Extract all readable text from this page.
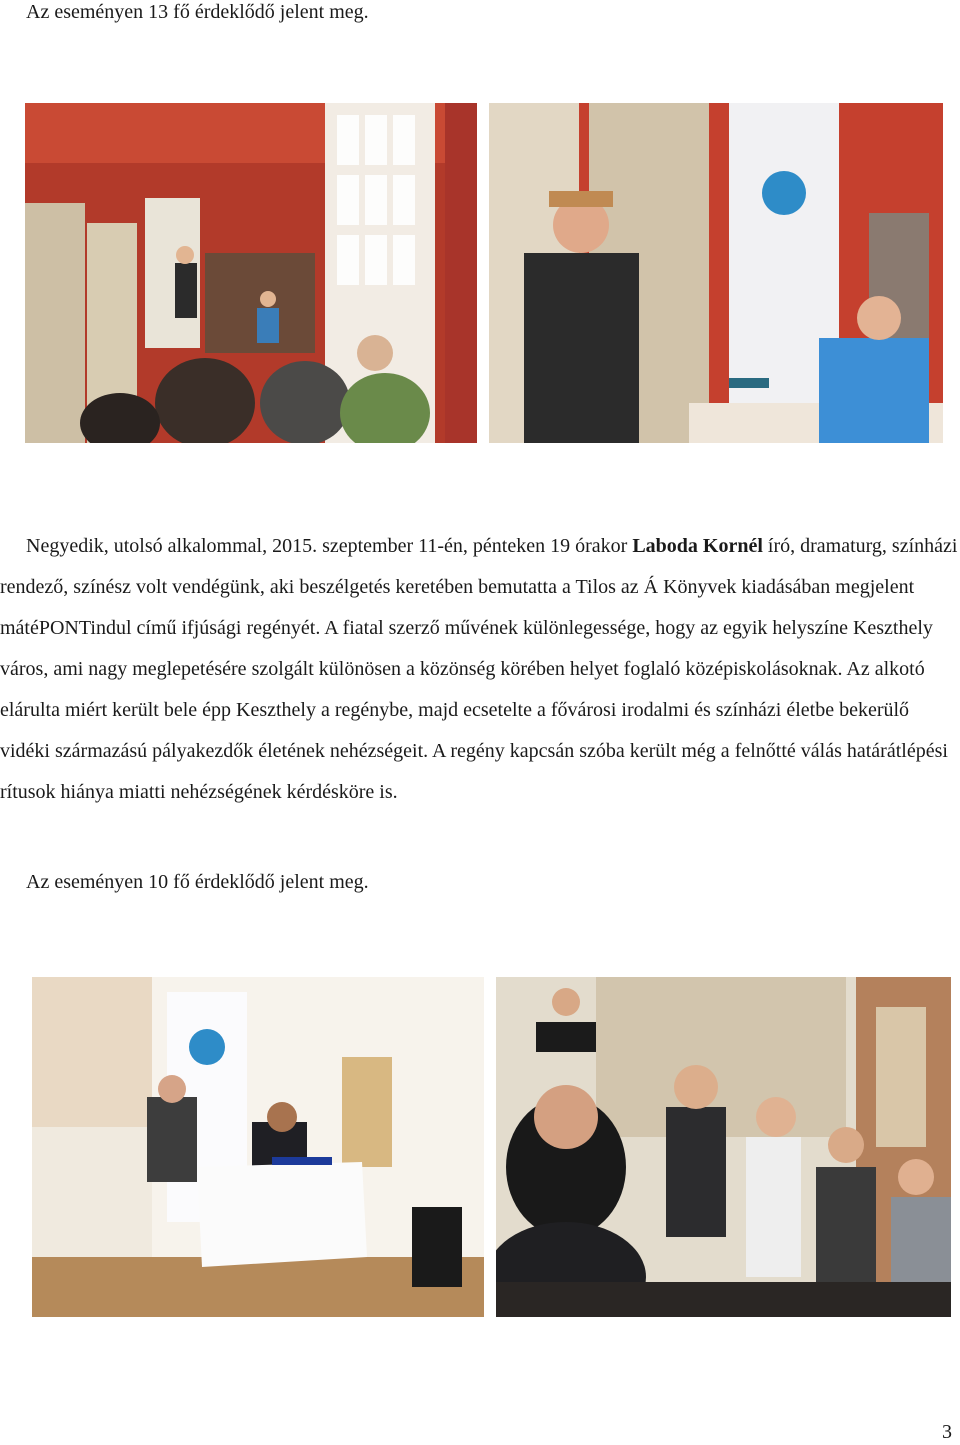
Az eseményen 13 fő érdeklődő jelent meg.

Negyedik, utolsó alkalommal, 2015. szeptember 11-én, pénteken 19 órakor Laboda Kornél író, dramaturg, színházi rendező, színész volt vendégünk, aki beszélgetés keretében bemutatta a Tilos az Á Könyvek kiadásában megjelent mátéPONTindul című ifjúsági regényét. A fiatal szerző művének különlegessége, hogy az egyik helyszíne Keszthely város, ami nagy meglepetésére szolgált különösen a közönség körében helyet foglaló középiskolásoknak. Az alkotó elárulta miért került bele épp Keszthely a regénybe, majd ecsetelte a fővárosi irodalmi és színházi életbe bekerülő vidéki származású pályakezdők életének nehézségeit. A regény kapcsán szóba került még a felnőtté válás határátlépési rítusok hiánya miatti nehézségének kérdésköre is.

Az eseményen 10 fő érdeklődő jelent meg.
3
